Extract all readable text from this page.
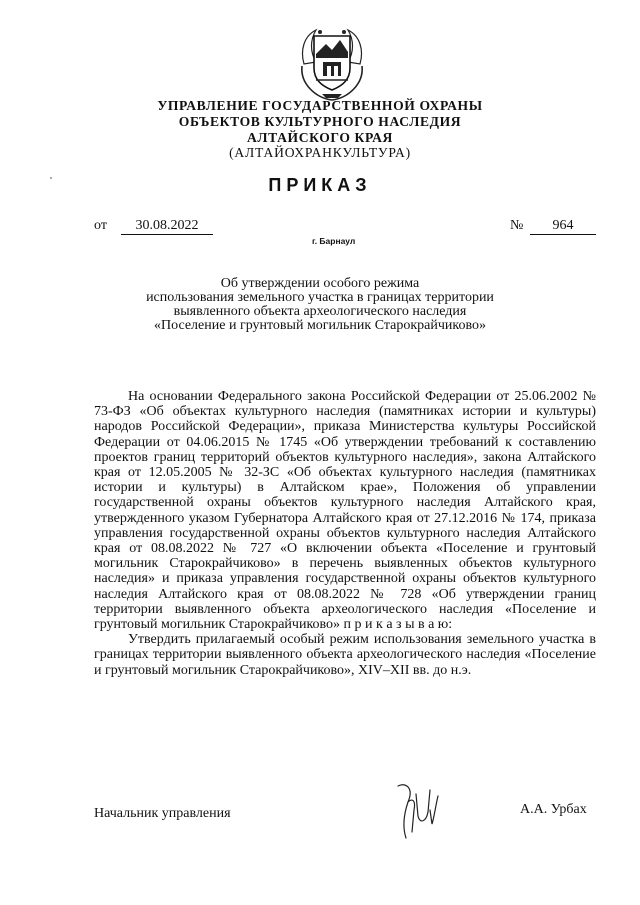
УПРАВЛЕНИЕ ГОСУДАРСТВЕННОЙ ОХРАНЫ
ОБЪЕКТОВ КУЛЬТУРНОГО НАСЛЕДИЯ
АЛТАЙСКОГО КРАЯ
(АЛТАЙОХРАНКУЛЬТУРА)
ПРИКАЗ
от	30.08.2022	№	964
г. Барнаул
Об утверждении особого режима
использования земельного участка в границах территории
выявленного объекта археологического наследия
«Поселение и грунтовый могильник Старокрайчиково»

На основании Федерального закона Российской Федерации от 25.06.2002 № 73-ФЗ «Об объектах культурного наследия (памятниках истории и культуры) народов Российской Федерации», приказа Министерства культуры Российской Федерации от 04.06.2015 № 1745 «Об утверждении требований к составлению проектов границ территорий объектов культурного наследия», закона Алтайского края от 12.05.2005 № 32-ЗС «Об объектах культурного наследия (памятниках истории и культуры) в Алтайском крае», Положения об управлении государственной охраны объектов культурного наследия Алтайского края, утвержденного указом Губернатора Алтайского края от 27.12.2016 № 174, приказа управления государственной охраны объектов культурного наследия Алтайского края от 08.08.2022 № 727 «О включении объекта «Поселение и грунтовый могильник Старокрайчиково» в перечень выявленных объектов культурного наследия» и приказа управления государственной охраны объектов культурного наследия Алтайского края от 08.08.2022 № 728 «Об утверждении границ территории выявленного объекта археологического наследия «Поселение и грунтовый могильник Старокрайчиково» п р и к а з ы в а ю:

Утвердить прилагаемый особый режим использования земельного участка в границах территории выявленного объекта археологического наследия «Поселение и грунтовый могильник Старокрайчиково», XIV–XII вв. до н.э.

Начальник управления	А.А. Урбах
